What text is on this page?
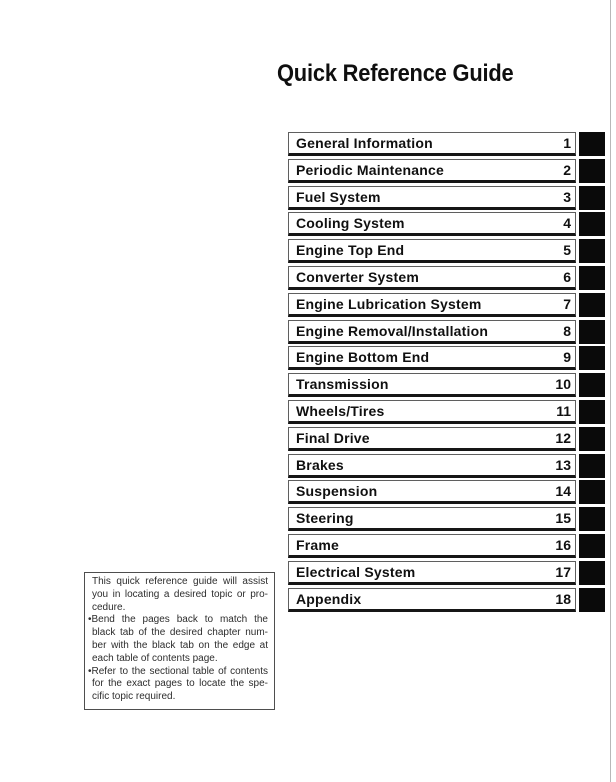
Quick Reference Guide
General Information	1
Periodic Maintenance	2
Fuel System	3
Cooling System	4
Engine Top End	5
Converter System	6
Engine Lubrication System	7
Engine Removal/Installation	8
Engine Bottom End	9
Transmission	10
Wheels/Tires	11
Final Drive	12
Brakes	13
Suspension	14
Steering	15
Frame	16
Electrical System	17
Appendix	18
This quick reference guide will assist
you in locating a desired topic or pro-
cedure.
•Bend the pages back to match the
black tab of the desired chapter num-
ber with the black tab on the edge at
each table of contents page.
•Refer to the sectional table of contents
for the exact pages to locate the spe-
cific topic required.
